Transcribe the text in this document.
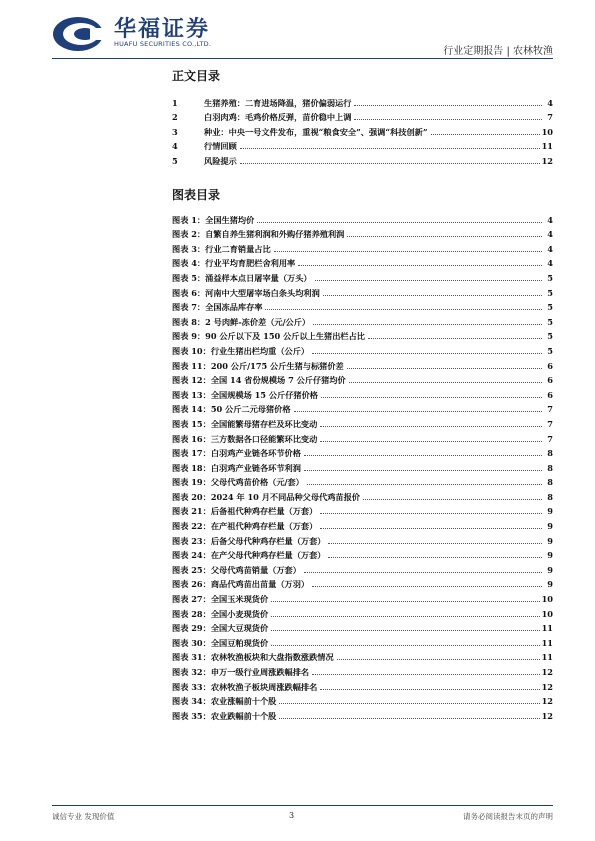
华福证券
HUAFU SECURITIES CO.,LTD.
行业定期报告 | 农林牧渔
正文目录
1	生猪养殖：二育进场降温，猪价偏弱运行	4
2	白羽肉鸡：毛鸡价格反弹，苗价稳中上调	7
3	种业：中央一号文件发布，重视“粮食安全”、强调“科技创新”	10
4	行情回顾	11
5	风险提示	12
图表目录
图表 1： 全国生猪均价	4
图表 2： 自繁自养生猪利润和外购仔猪养殖利润	4
图表 3： 行业二育销量占比	4
图表 4： 行业平均育肥栏舍利用率	4
图表 5： 涌益样本点日屠宰量（万头）	5
图表 6： 河南中大型屠宰场白条头均利润	5
图表 7： 全国冻品库存率	5
图表 8： 2 号肉鲜-冻价差（元/公斤）	5
图表 9： 90 公斤以下及 150 公斤以上生猪出栏占比	5
图表 10： 行业生猪出栏均重（公斤）	5
图表 11： 200 公斤/175 公斤生猪与标猪价差	6
图表 12： 全国 14 省份规模场 7 公斤仔猪均价	6
图表 13： 全国规模场 15 公斤仔猪价格	6
图表 14： 50 公斤二元母猪价格	7
图表 15： 全国能繁母猪存栏及环比变动	7
图表 16： 三方数据各口径能繁环比变动	7
图表 17： 白羽鸡产业链各环节价格	8
图表 18： 白羽鸡产业链各环节利润	8
图表 19： 父母代鸡苗价格（元/套）	8
图表 20： 2024 年 10 月不同品种父母代鸡苗报价	8
图表 21： 后备祖代种鸡存栏量（万套）	9
图表 22： 在产祖代种鸡存栏量（万套）	9
图表 23： 后备父母代种鸡存栏量（万套）	9
图表 24： 在产父母代种鸡存栏量（万套）	9
图表 25： 父母代鸡苗销量（万套）	9
图表 26： 商品代鸡苗出苗量（万羽）	9
图表 27： 全国玉米现货价	10
图表 28： 全国小麦现货价	10
图表 29： 全国大豆现货价	11
图表 30： 全国豆粕现货价	11
图表 31： 农林牧渔板块和大盘指数涨跌情况	11
图表 32： 申万一级行业周涨跌幅排名	12
图表 33： 农林牧渔子板块周涨跌幅排名	12
图表 34： 农业涨幅前十个股	12
图表 35： 农业跌幅前十个股	12
诚信专业 发现价值	3	请务必阅读报告末页的声明
